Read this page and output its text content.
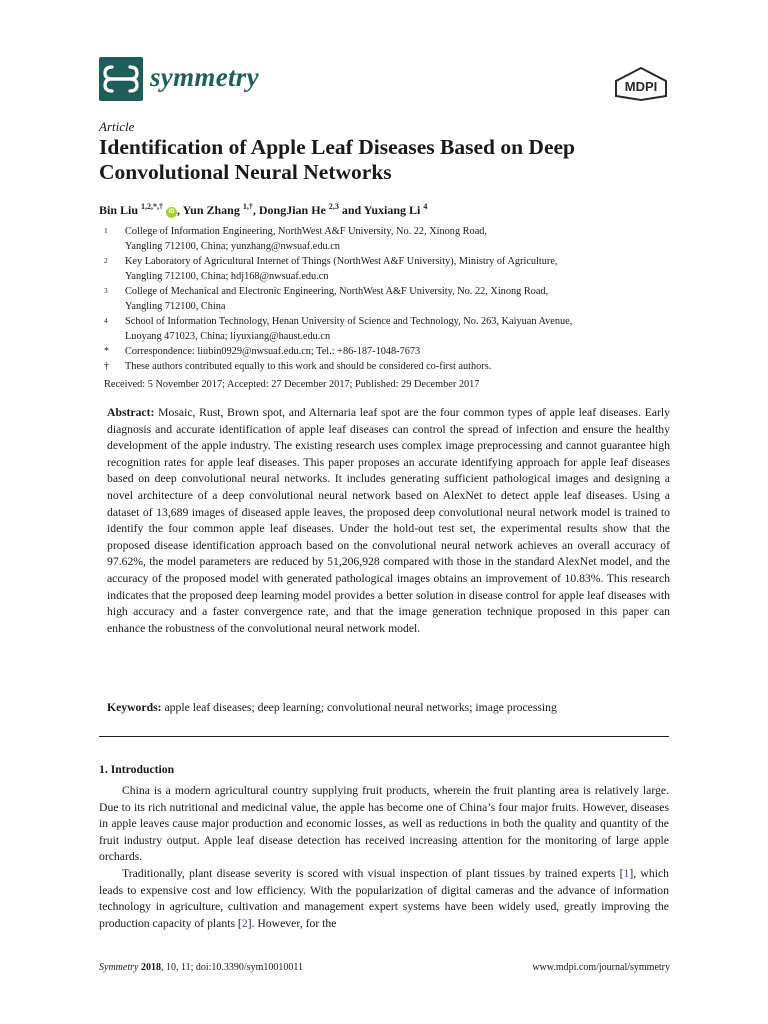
symmetry	MDPI
Article
Identification of Apple Leaf Diseases Based on Deep Convolutional Neural Networks
Bin Liu $^{1,2,*,\dagger}$ iD , Yun Zhang $^{1,\dagger}$, DongJian He $^{2,3}$ and Yuxiang Li $^4$
1 College of Information Engineering, NorthWest A&F University, No. 22, Xinong Road,
Yangling 712100, China; yunzhang@nwsuaf.edu.cn
2 Key Laboratory of Agricultural Internet of Things (NorthWest A&F University), Ministry of Agriculture,
Yangling 712100, China; hdj168@nwsuaf.edu.cn
3 College of Mechanical and Electronic Engineering, NorthWest A&F University, No. 22, Xinong Road,
Yangling 712100, China
4 School of Information Technology, Henan University of Science and Technology, No. 263, Kaiyuan Avenue,
Luoyang 471023, China; liyuxiang@haust.edu.cn
* Correspondence: liubin0929@nwsuaf.edu.cn; Tel.: +86-187-1048-7673
† These authors contributed equally to this work and should be considered co-first authors.
Received: 5 November 2017; Accepted: 27 December 2017; Published: 29 December 2017

Abstract: Mosaic, Rust, Brown spot, and Alternaria leaf spot are the four common types of apple leaf diseases. Early diagnosis and accurate identification of apple leaf diseases can control the spread of infection and ensure the healthy development of the apple industry. The existing research uses complex image preprocessing and cannot guarantee high recognition rates for apple leaf diseases. This paper proposes an accurate identifying approach for apple leaf diseases based on deep convolutional neural networks. It includes generating sufficient pathological images and designing a novel architecture of a deep convolutional neural network based on AlexNet to detect apple leaf diseases. Using a dataset of 13,689 images of diseased apple leaves, the proposed deep convolutional neural network model is trained to identify the four common apple leaf diseases. Under the hold-out test set, the experimental results show that the proposed disease identification approach based on the convolutional neural network achieves an overall accuracy of 97.62%, the model parameters are reduced by 51,206,928 compared with those in the standard AlexNet model, and the accuracy of the proposed model with generated pathological images obtains an improvement of 10.83%. This research indicates that the proposed deep learning model provides a better solution in disease control for apple leaf diseases with high accuracy and a faster convergence rate, and that the image generation technique proposed in this paper can enhance the robustness of the convolutional neural network model.

Keywords: apple leaf diseases; deep learning; convolutional neural networks; image processing

1. Introduction

China is a modern agricultural country supplying fruit products, wherein the fruit planting area is relatively large. Due to its rich nutritional and medicinal value, the apple has become one of China’s four major fruits. However, diseases in apple leaves cause major production and economic losses, as well as reductions in both the quality and quantity of the fruit industry output. Apple leaf disease detection has received increasing attention for the monitoring of large apple orchards.

Traditionally, plant disease severity is scored with visual inspection of plant tissues by trained experts [1], which leads to expensive cost and low efficiency. With the popularization of digital cameras and the advance of information technology in agriculture, cultivation and management expert systems have been widely used, greatly improving the production capacity of plants [2]. However, for the

Symmetry 2018, 10, 11; doi:10.3390/sym10010011	www.mdpi.com/journal/symmetry
